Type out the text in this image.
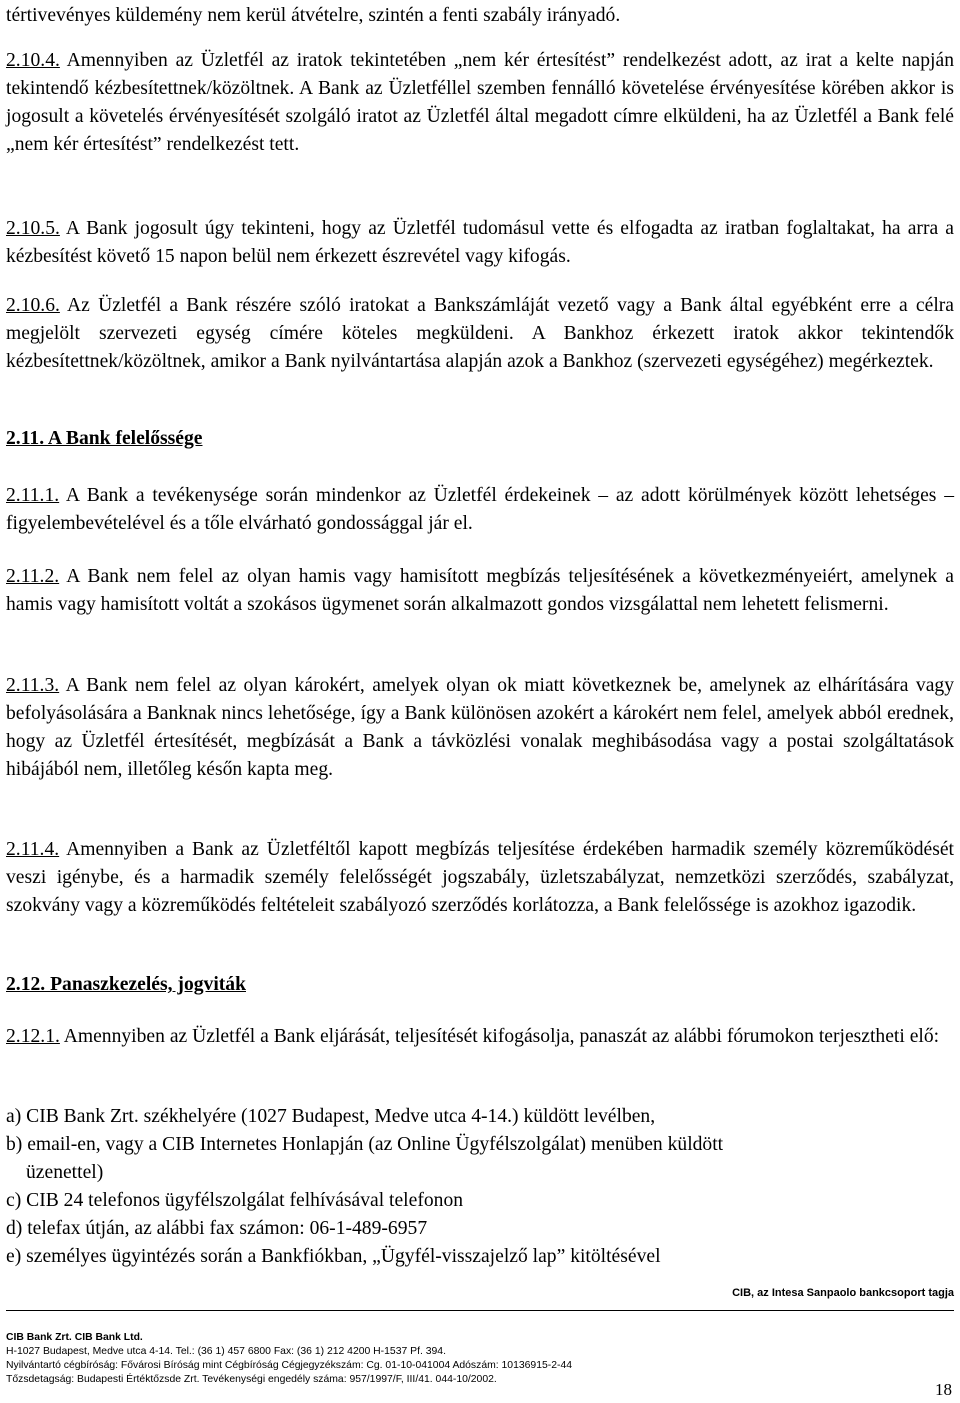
tértivevényes küldemény nem kerül átvételre, szintén a fenti szabály irányadó.
2.10.4. Amennyiben az Üzletfél az iratok tekintetében „nem kér értesítést” rendelkezést adott, az irat a kelte napján tekintendő kézbesítettnek/közöltnek. A Bank az Üzletféllel szemben fennálló követelése érvényesítése körében akkor is jogosult a követelés érvényesítését szolgáló iratot az Üzletfél által megadott címre elküldeni, ha az Üzletfél a Bank felé „nem kér értesítést” rendelkezést tett.
2.10.5. A Bank jogosult úgy tekinteni, hogy az Üzletfél tudomásul vette és elfogadta az iratban foglaltakat, ha arra a kézbesítést követő 15 napon belül nem érkezett észrevétel vagy kifogás.
2.10.6. Az Üzletfél a Bank részére szóló iratokat a Bankszámláját vezető vagy a Bank által egyébként erre a célra megjelölt szervezeti egység címére köteles megküldeni. A Bankhoz érkezett iratok akkor tekintendők kézbesítettnek/közöltnek, amikor a Bank nyilvántartása alapján azok a Bankhoz (szervezeti egységéhez) megérkeztek.
2.11. A Bank felelőssége
2.11.1. A Bank a tevékenysége során mindenkor az Üzletfél érdekeinek – az adott körülmények között lehetséges – figyelembevételével és a tőle elvárható gondossággal jár el.
2.11.2. A Bank nem felel az olyan hamis vagy hamisított megbízás teljesítésének a következményeiért, amelynek a hamis vagy hamisított voltát a szokásos ügymenet során alkalmazott gondos vizsgálattal nem lehetett felismerni.
2.11.3. A Bank nem felel az olyan károkért, amelyek olyan ok miatt következnek be, amelynek az elhárítására vagy befolyásolására a Banknak nincs lehetősége, így a Bank különösen azokért a károkért nem felel, amelyek abból erednek, hogy az Üzletfél értesítését, megbízását a Bank a távközlési vonalak meghibásodása vagy a postai szolgáltatások hibájából nem, illetőleg későn kapta meg.
2.11.4. Amennyiben a Bank az Üzletféltől kapott megbízás teljesítése érdekében harmadik személy közreműködését veszi igénybe, és a harmadik személy felelősségét jogszabály, üzletszabályzat, nemzetközi szerződés, szabályzat, szokvány vagy a közreműködés feltételeit szabályozó szerződés korlátozza, a Bank felelőssége is azokhoz igazodik.
2.12. Panaszkezelés, jogviták
2.12.1. Amennyiben az Üzletfél a Bank eljárását, teljesítését kifogásolja, panaszát az alábbi fórumokon terjesztheti elő:
a) CIB Bank Zrt. székhelyére (1027 Budapest, Medve utca 4-14.) küldött levélben,
b) email-en, vagy a CIB Internetes Honlapján (az Online Ügyfélszolgálat) menüben küldött
üzenettel)
c) CIB 24 telefonos ügyfélszolgálat felhívásával telefonon
d) telefax útján, az alábbi fax számon: 06-1-489-6957
e) személyes ügyintézés során a Bankfiókban, „Ügyfél-visszajelző lap” kitöltésével
CIB, az Intesa Sanpaolo bankcsoport tagja
CIB Bank Zrt. CIB Bank Ltd.
H-1027 Budapest, Medve utca 4-14. Tel.: (36 1) 457 6800 Fax: (36 1) 212 4200 H-1537 Pf. 394.
Nyilvántartó cégbíróság: Fővárosi Bíróság mint Cégbíróság Cégjegyzékszám: Cg. 01-10-041004 Adószám: 10136915-2-44
Tőzsdetagság: Budapesti Értéktőzsde Zrt. Tevékenységi engedély száma: 957/1997/F, III/41. 044-10/2002.
18
